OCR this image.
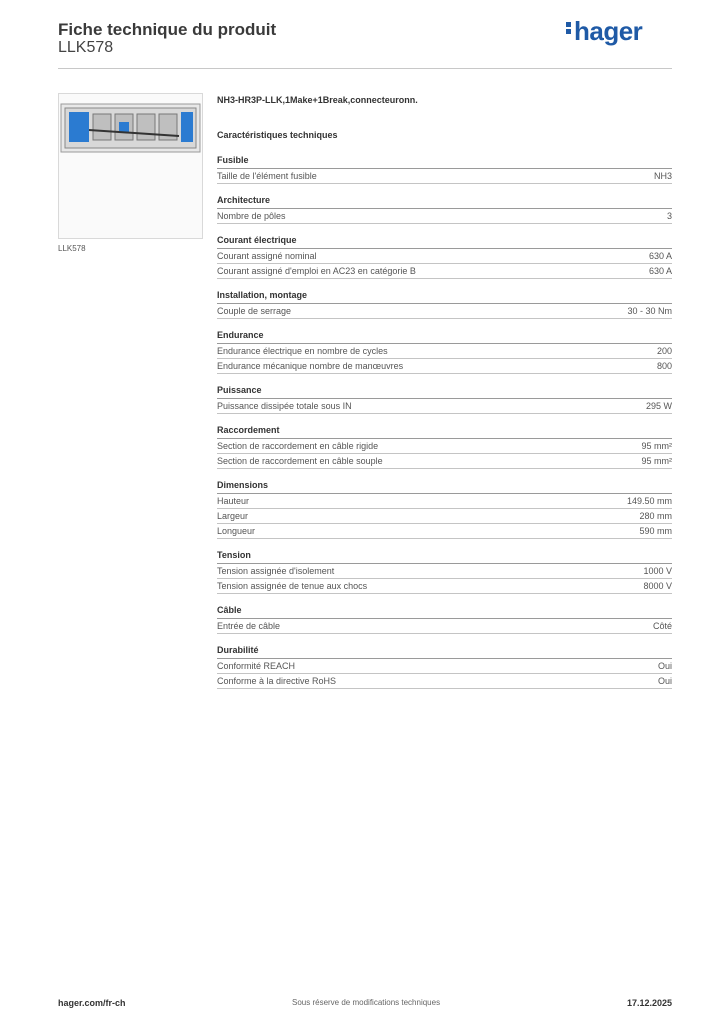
Fiche technique du produit
LLK578
hager
LLK578
NH3-HR3P-LLK,1Make+1Break,connecteuronn.
Caractéristiques techniques
Fusible
Taille de l'élément fusible	NH3
Architecture
Nombre de pôles	3
Courant électrique
Courant assigné nominal	630 A
Courant assigné d'emploi en AC23 en catégorie B	630 A
Installation, montage
Couple de serrage	30 - 30 Nm
Endurance
Endurance électrique en nombre de cycles	200
Endurance mécanique nombre de manœuvres	800
Puissance
Puissance dissipée totale sous IN	295 W
Raccordement
Section de raccordement en câble rigide	95 mm²
Section de raccordement en câble souple	95 mm²
Dimensions
Hauteur	149.50 mm
Largeur	280 mm
Longueur	590 mm
Tension
Tension assignée d'isolement	1000 V
Tension assignée de tenue aux chocs	8000 V
Câble
Entrée de câble	Côté
Durabilité
Conformité REACH	Oui
Conforme à la directive RoHS	Oui
hager.com/fr-ch	Sous réserve de modifications techniques	17.12.2025
